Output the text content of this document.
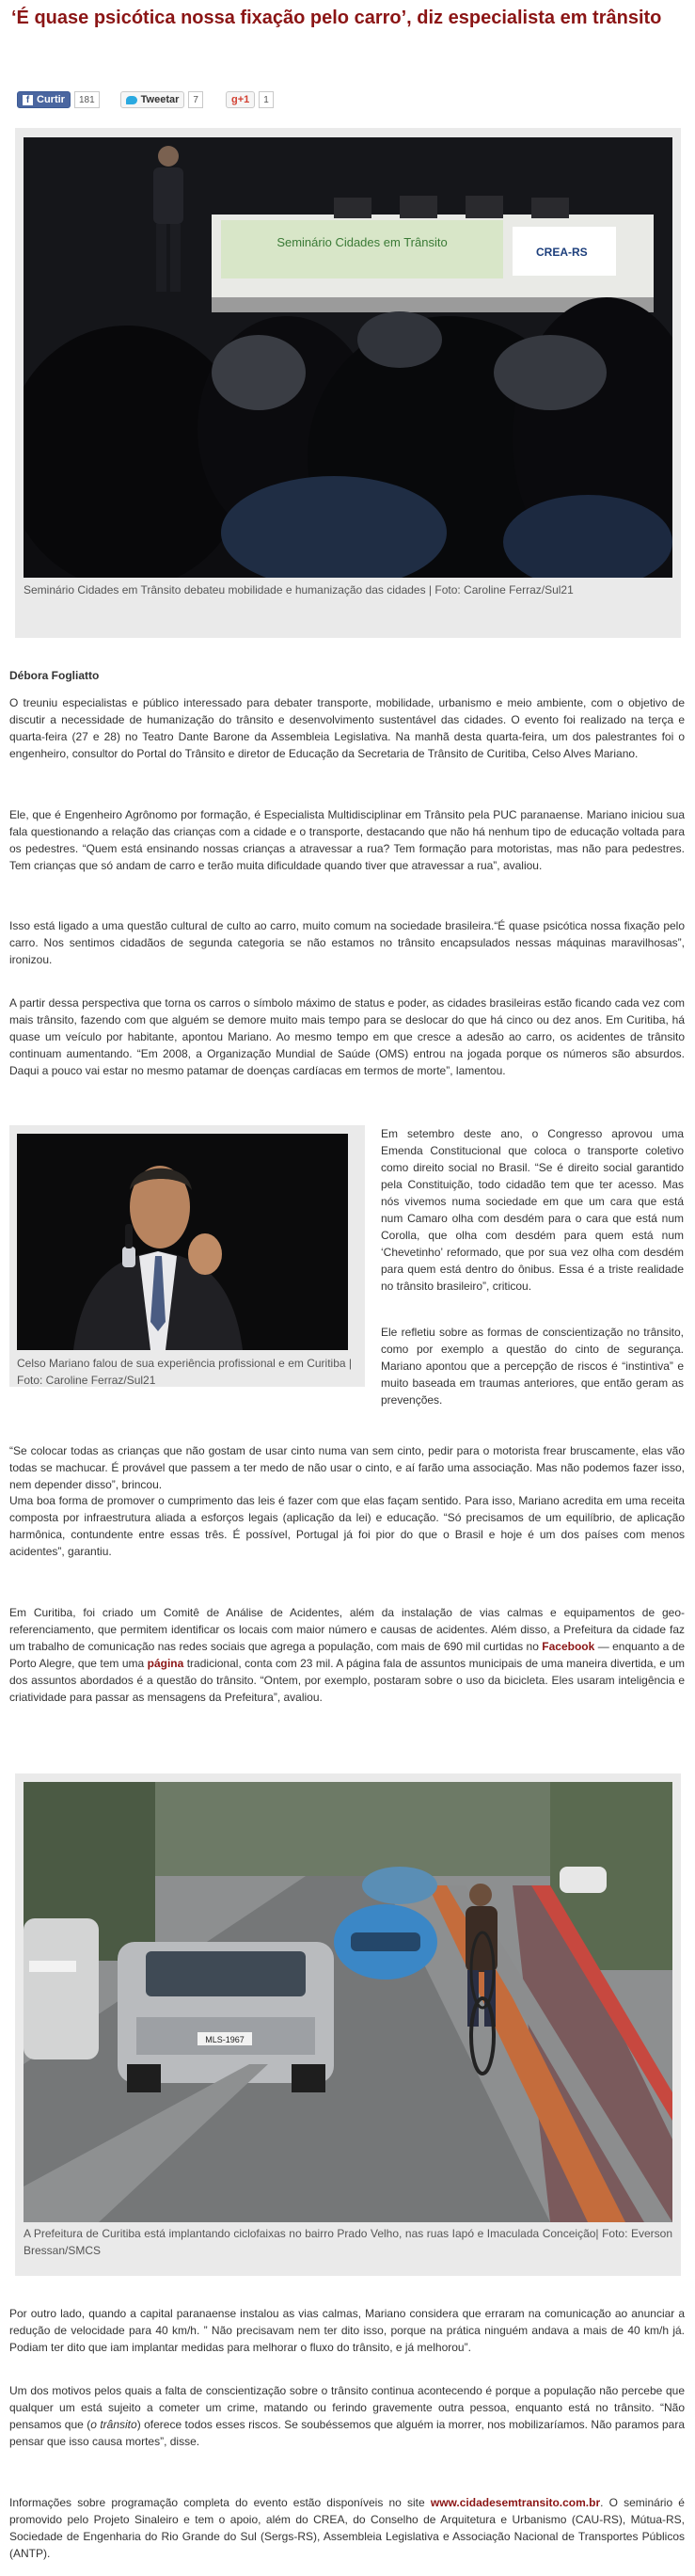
‘É quase psicótica nossa fixação pelo carro’, diz especialista em trânsito
f Curtir	181	Tweetar	7	g +1	1
Seminário Cidades em Trânsito
CREA-RS
Seminário Cidades em Trânsito debateu mobilidade e humanização das cidades | Foto: Caroline Ferraz/Sul21
Débora Fogliatto

O treuniu especialistas e público interessado para debater transporte, mobilidade, urbanismo e meio ambiente, com o objetivo de discutir a necessidade de humanização do trânsito e desenvolvimento sustentável das cidades. O evento foi realizado na terça e quarta-feira (27 e 28) no Teatro Dante Barone da Assembleia Legislativa. Na manhã desta quarta-feira, um dos palestrantes foi o engenheiro, consultor do Portal do Trânsito e diretor de Educação da Secretaria de Trânsito de Curitiba, Celso Alves Mariano.

Ele, que é Engenheiro Agrônomo por formação, é Especialista Multidisciplinar em Trânsito pela PUC paranaense. Mariano iniciou sua fala questionando a relação das crianças com a cidade e o transporte, destacando que não há nenhum tipo de educação voltada para os pedestres. “Quem está ensinando nossas crianças a atravessar a rua? Tem formação para motoristas, mas não para pedestres. Tem crianças que só andam de carro e terão muita dificuldade quando tiver que atravessar a rua”, avaliou.

Isso está ligado a uma questão cultural de culto ao carro, muito comum na sociedade brasileira.“É quase psicótica nossa fixação pelo carro. Nos sentimos cidadãos de segunda categoria se não estamos no trânsito encapsulados nessas máquinas maravilhosas”, ironizou.

A partir dessa perspectiva que torna os carros o símbolo máximo de status e poder, as cidades brasileiras estão ficando cada vez com mais trânsito, fazendo com que alguém se demore muito mais tempo para se deslocar do que há cinco ou dez anos. Em Curitiba, há quase um veículo por habitante, apontou Mariano. Ao mesmo tempo em que cresce a adesão ao carro, os acidentes de trânsito continuam aumentando. “Em 2008, a Organização Mundial de Saúde (OMS) entrou na jogada porque os números são absurdos. Daqui a pouco vai estar no mesmo patamar de doenças cardíacas em termos de morte”, lamentou.

Celso Mariano falou de sua experiência profissional e em Curitiba | Foto: Caroline Ferraz/Sul21

Em setembro deste ano, o Congresso aprovou uma Emenda Constitucional que coloca o transporte coletivo como direito social no Brasil. “Se é direito social garantido pela Constituição, todo cidadão tem que ter acesso. Mas nós vivemos numa sociedade em que um cara que está num Camaro olha com desdém para o cara que está num Corolla, que olha com desdém para quem está num ‘Chevetinho’ reformado, que por sua vez olha com desdém para quem está dentro do ônibus. Essa é a triste realidade no trânsito brasileiro”, criticou.

Ele refletiu sobre as formas de conscientização no trânsito, como por exemplo a questão do cinto de segurança. Mariano apontou que a percepção de riscos é “instintiva” e muito baseada em traumas anteriores, que então geram as prevenções.

“Se colocar todas as crianças que não gostam de usar cinto numa van sem cinto, pedir para o motorista frear bruscamente, elas vão todas se machucar. É provável que passem a ter medo de não usar o cinto, e aí farão uma associação. Mas não podemos fazer isso, nem depender disso”, brincou.

Uma boa forma de promover o cumprimento das leis é fazer com que elas façam sentido. Para isso, Mariano acredita em uma receita composta por infraestrutura aliada a esforços legais (aplicação da lei) e educação. “Só precisamos de um equilíbrio, de aplicação harmônica, contundente entre essas três. É possível, Portugal já foi pior do que o Brasil e hoje é um dos países com menos acidentes”, garantiu.

Em Curitiba, foi criado um Comitê de Análise de Acidentes, além da instalação de vias calmas e equipamentos de geo-referenciamento, que permitem identificar os locais com maior número e causas de acidentes. Além disso, a Prefeitura da cidade faz um trabalho de comunicação nas redes sociais que agrega a população, com mais de 690 mil curtidas no Facebook — enquanto a de Porto Alegre, que tem uma página tradicional, conta com 23 mil. A página fala de assuntos municipais de uma maneira divertida, e um dos assuntos abordados é a questão do trânsito. “Ontem, por exemplo, postaram sobre o uso da bicicleta. Eles usaram inteligência e criatividade para passar as mensagens da Prefeitura”, avaliou.

MLS-1967
A Prefeitura de Curitiba está implantando ciclofaixas no bairro Prado Velho, nas ruas Iapó e Imaculada Conceição| Foto: Everson Bressan/SMCS

Por outro lado, quando a capital paranaense instalou as vias calmas, Mariano considera que erraram na comunicação ao anunciar a redução de velocidade para 40 km/h. ” Não precisavam nem ter dito isso, porque na prática ninguém andava a mais de 40 km/h já. Podiam ter dito que iam implantar medidas para melhorar o fluxo do trânsito, e já melhorou”.

Um dos motivos pelos quais a falta de conscientização sobre o trânsito continua acontecendo é porque a população não percebe que qualquer um está sujeito a cometer um crime, matando ou ferindo gravemente outra pessoa, enquanto está no trânsito. “Não pensamos que (o trânsito) oferece todos esses riscos. Se soubéssemos que alguém ia morrer, nos mobilizaríamos. Não paramos para pensar que isso causa mortes”, disse.

Informações sobre programação completa do evento estão disponíveis no site www.cidadesemtransito.com.br. O seminário é promovido pelo Projeto Sinaleiro e tem o apoio, além do CREA, do Conselho de Arquitetura e Urbanismo (CAU-RS), Mútua-RS, Sociedade de Engenharia do Rio Grande do Sul (Sergs-RS), Assembleia Legislativa e Associação Nacional de Transportes Públicos (ANTP).
